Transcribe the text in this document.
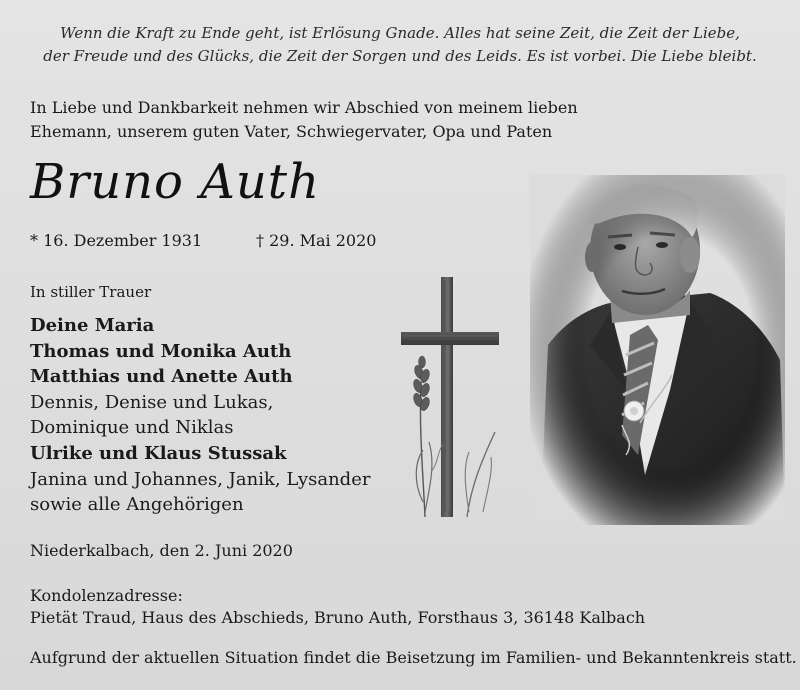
Wenn die Kraft zu Ende geht, ist Erlösung Gnade. Alles hat seine Zeit, die Zeit der Liebe,
der Freude und des Glücks, die Zeit der Sorgen und des Leids. Es ist vorbei. Die Liebe bleibt.
In Liebe und Dankbarkeit nehmen wir Abschied von meinem lieben
Ehemann, unserem guten Vater, Schwiegervater, Opa und Paten
Bruno Auth
* 16. Dezember 1931	† 29. Mai 2020
In stiller Trauer
Deine Maria
Thomas und Monika Auth
Matthias und Anette Auth
Dennis, Denise und Lukas,
Dominique und Niklas
Ulrike und Klaus Stussak
Janina und Johannes, Janik, Lysander
sowie alle Angehörigen
Niederkalbach, den 2. Juni 2020
Kondolenzadresse:
Pietät Traud, Haus des Abschieds, Bruno Auth, Forsthaus 3, 36148 Kalbach
Aufgrund der aktuellen Situation findet die Beisetzung im Familien- und Bekanntenkreis statt.
